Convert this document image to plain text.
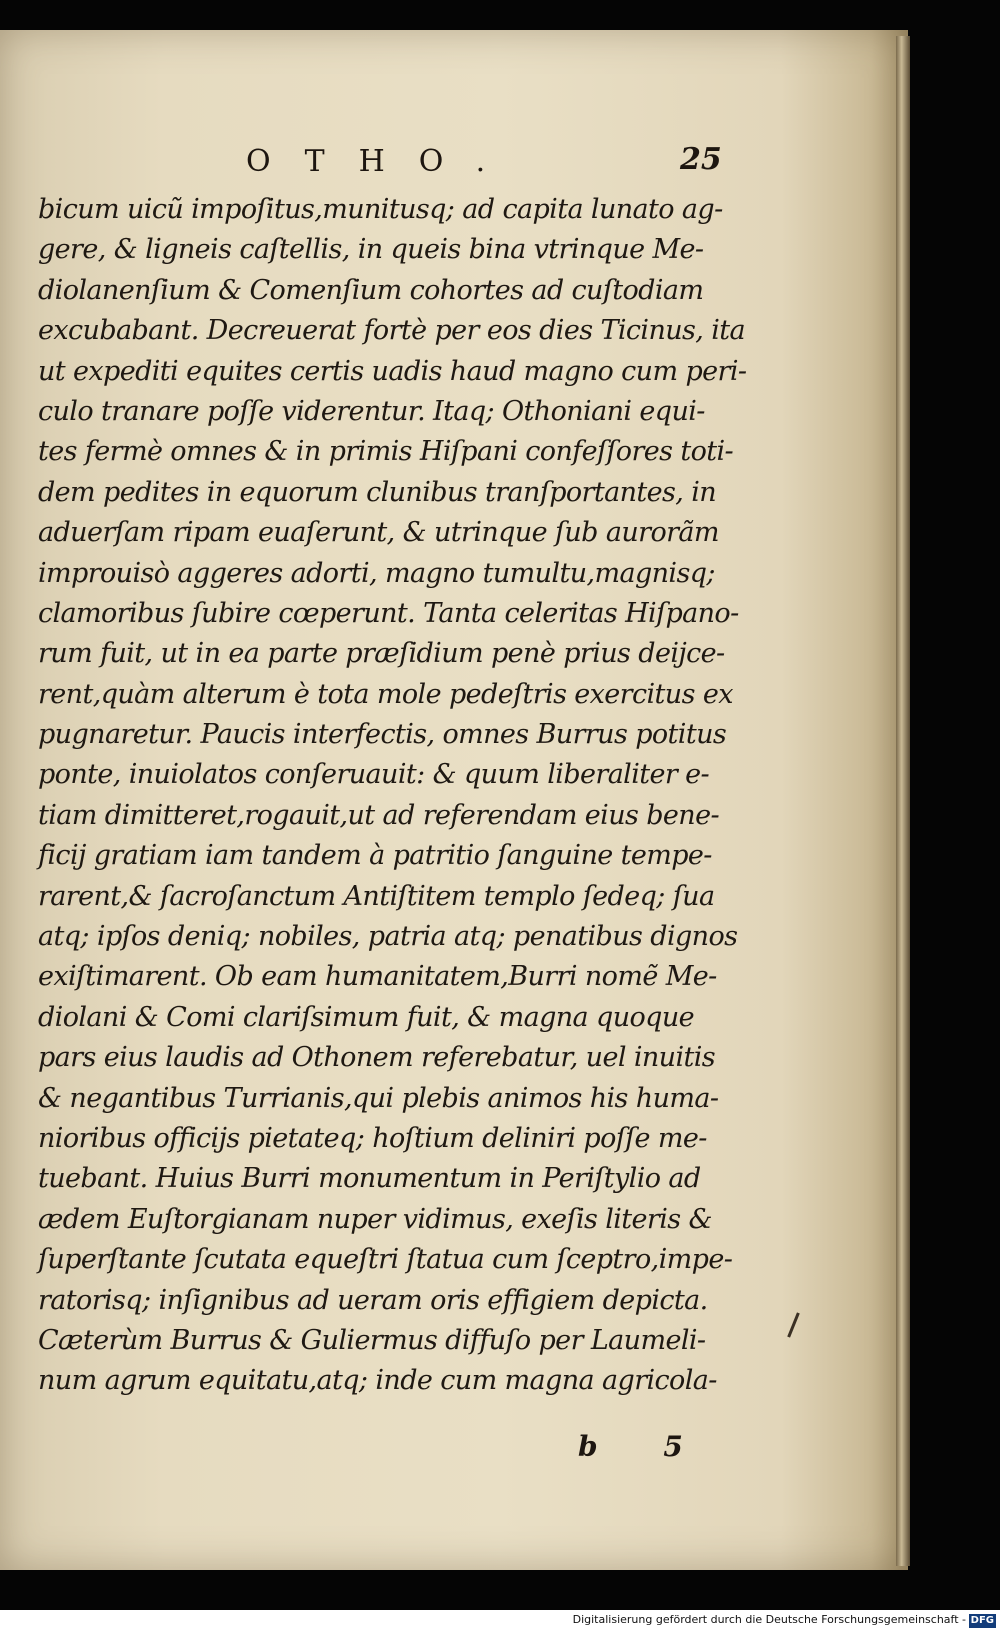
OTHO.	25
bicum uicũ impoſitus,munitusq; ad capita lunato ag-
gere, & ligneis caſtellis, in queis bina vtrinque Me-
diolanenſium & Comenſium cohortes ad cuſtodiam
excubabant. Decreuerat fortè per eos dies Ticinus, ita
ut expediti equites certis uadis haud magno cum peri-
culo tranare poſſe viderentur. Itaq; Othoniani equi-
tes fermè omnes & in primis Hiſpani confeſſores toti-
dem pedites in equorum clunibus tranſportantes, in
aduerſam ripam euaſerunt, & utrinque ſub aurorãm
improuisò aggeres adorti, magno tumultu,magnisq;
clamoribus ſubire cœperunt. Tanta celeritas Hiſpano-
rum fuit, ut in ea parte præſidium penè prius deijce-
rent,quàm alterum è tota mole pedeſtris exercitus ex
pugnaretur. Paucis interfectis, omnes Burrus potitus
ponte, inuiolatos conſeruauit: & quum liberaliter e-
tiam dimitteret,rogauit,ut ad referendam eius bene-
ficij gratiam iam tandem à patritio ſanguine tempe-
rarent,& ſacroſanctum Antiſtitem templo ſedeq; ſua
atq; ipſos deniq; nobiles, patria atq; penatibus dignos
exiſtimarent. Ob eam humanitatem,Burri nomẽ Me-
diolani & Comi clariſsimum fuit, & magna quoque
pars eius laudis ad Othonem referebatur, uel inuitis
& negantibus Turrianis,qui plebis animos his huma-
nioribus officijs pietateq; hoſtium deliniri poſſe me-
tuebant. Huius Burri monumentum in Periſtylio ad
ædem Euſtorgianam nuper vidimus, exeſis literis &
ſuperſtante ſcutata equeſtri ſtatua cum ſceptro,impe-
ratorisq; inſignibus ad ueram oris effigiem depicta.
Cæterùm Burrus & Guliermus diffuſo per Laumeli-
num agrum equitatu,atq; inde cum magna agricola-
b 5
Digitalisierung gefördert durch die Deutsche Forschungsgemeinschaft - DFG
